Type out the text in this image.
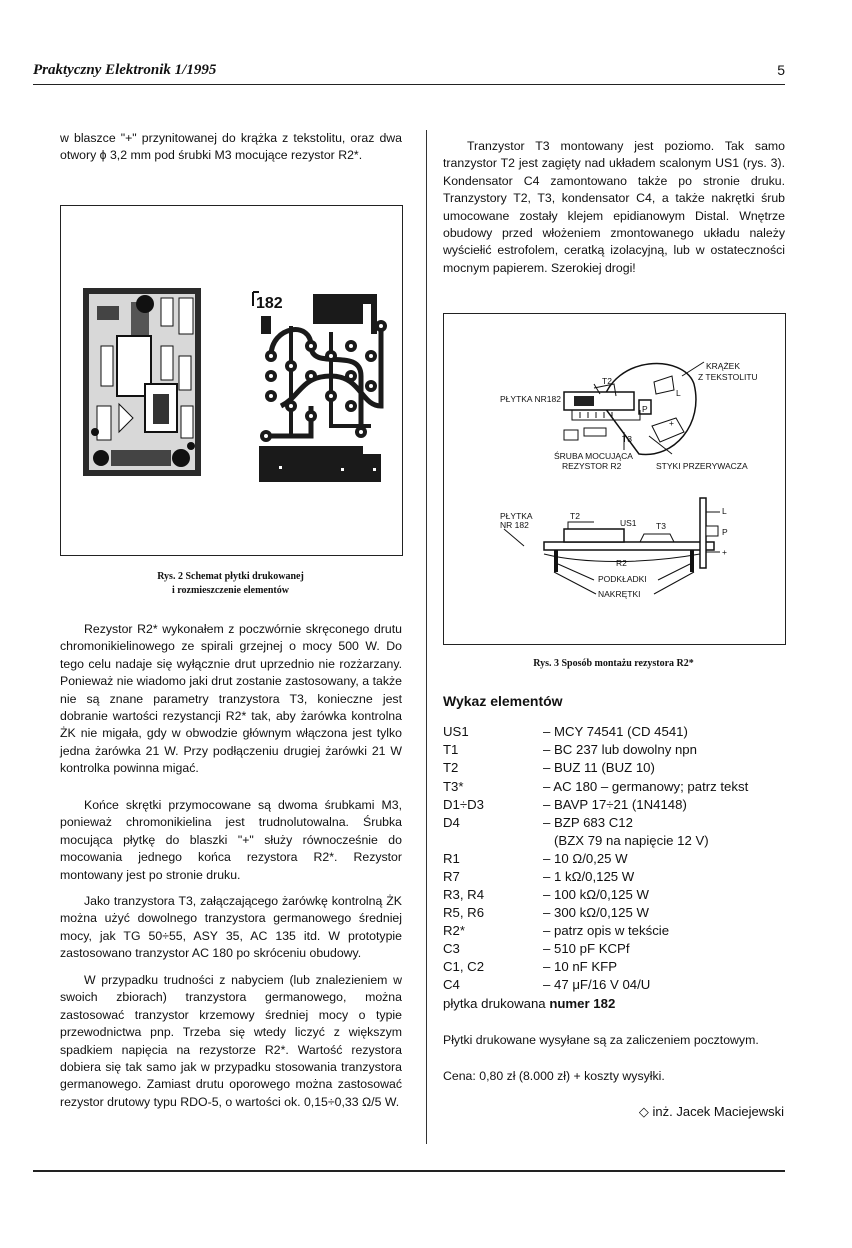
Praktyczny Elektronik 1/1995	5
w blaszce "+" przynitowanej do krążka z tekstolitu, oraz dwa otwory ϕ 3,2 mm pod śrubki M3 mocujące rezystor R2*.
182
Rys. 2 Schemat płytki drukowanej
i rozmieszczenie elementów
Rezystor R2* wykonałem z poczwórnie skręconego drutu chromonikielinowego ze spirali grzejnej o mocy 500 W. Do tego celu nadaje się wyłącznie drut uprzednio nie rozżarzany. Ponieważ nie wiadomo jaki drut zostanie zastosowany, a także nie są znane parametry tranzystora T3, konieczne jest dobranie wartości rezystancji R2* tak, aby żarówka kontrolna ŻK nie migała, gdy w obwodzie głównym włączona jest tylko jedna żarówka 21 W. Przy podłączeniu drugiej żarówki 21 W kontrolka powinna migać.
Końce skrętki przymocowane są dwoma śrubkami M3, ponieważ chromonikielina jest trudnolutowalna. Śrubka mocująca płytkę do blaszki "+" służy równocześnie do mocowania jednego końca rezystora R2*. Rezystor montowany jest po stronie druku.
Jako tranzystora T3, załączającego żarówkę kontrolną ŻK można użyć dowolnego tranzystora germanowego średniej mocy, jak TG 50÷55, ASY 35, AC 135 itd. W prototypie zastosowano tranzystor AC 180 po skróceniu obudowy.
W przypadku trudności z nabyciem (lub znalezieniem w swoich zbiorach) tranzystora germanowego, można zastosować tranzystor krzemowy średniej mocy o typie przewodnictwa pnp. Trzeba się wtedy liczyć z większym spadkiem napięcia na rezystorze R2*. Wartość rezystora dobiera się tak samo jak w przypadku stosowania tranzystora germanowego. Zamiast drutu oporowego można zastosować rezystor drutowy typu RDO-5, o wartości ok. 0,15÷0,33 Ω/5 W.
Tranzystor T3 montowany jest poziomo. Tak samo tranzystor T2 jest zagięty nad układem scalonym US1 (rys. 3). Kondensator C4 zamontowano także po stronie druku. Tranzystory T2, T3, kondensator C4, a także nakrętki śrub umocowane zostały klejem epidianowym Distal. Wnętrze obudowy przed włożeniem zmontowanego układu należy wyściełić estrofolem, ceratką izolacyjną, lub w ostateczności mocnym papierem. Szerokiej drogi!
KRĄŻEK
Z TEKSTOLITU
T2
PŁYTKA NR182
L
P
+
T3
ŚRUBA MOCUJĄCA
REZYSTOR R2	STYKI PRZERYWACZA
PŁYTKA
NR 182
T2
US1 T3
R2
PODKŁADKI
NAKRĘTKI
L
P
+
Rys. 3 Sposób montażu rezystora R2*
Wykaz elementów
US1	– MCY 74541 (CD 4541)
T1	– BC 237 lub dowolny npn
T2	– BUZ 11 (BUZ 10)
T3*	– AC 180 – germanowy; patrz tekst
D1÷D3	– BAVP 17÷21 (1N4148)
D4	– BZP 683 C12
(BZX 79 na napięcie 12 V)
R1	– 10 Ω/0,25 W
R7	– 1 kΩ/0,125 W
R3, R4	– 100 kΩ/0,125 W
R5, R6	– 300 kΩ/0,125 W
R2*	– patrz opis w tekście
C3	– 510 pF KCPf
C1, C2	– 10 nF KFP
C4	– 47 μF/16 V 04/U
płytka drukowana numer 182
Płytki drukowane wysyłane są za zaliczeniem pocztowym.
Cena: 0,80 zł (8.000 zł) + koszty wysyłki.
◇ inż. Jacek Maciejewski
